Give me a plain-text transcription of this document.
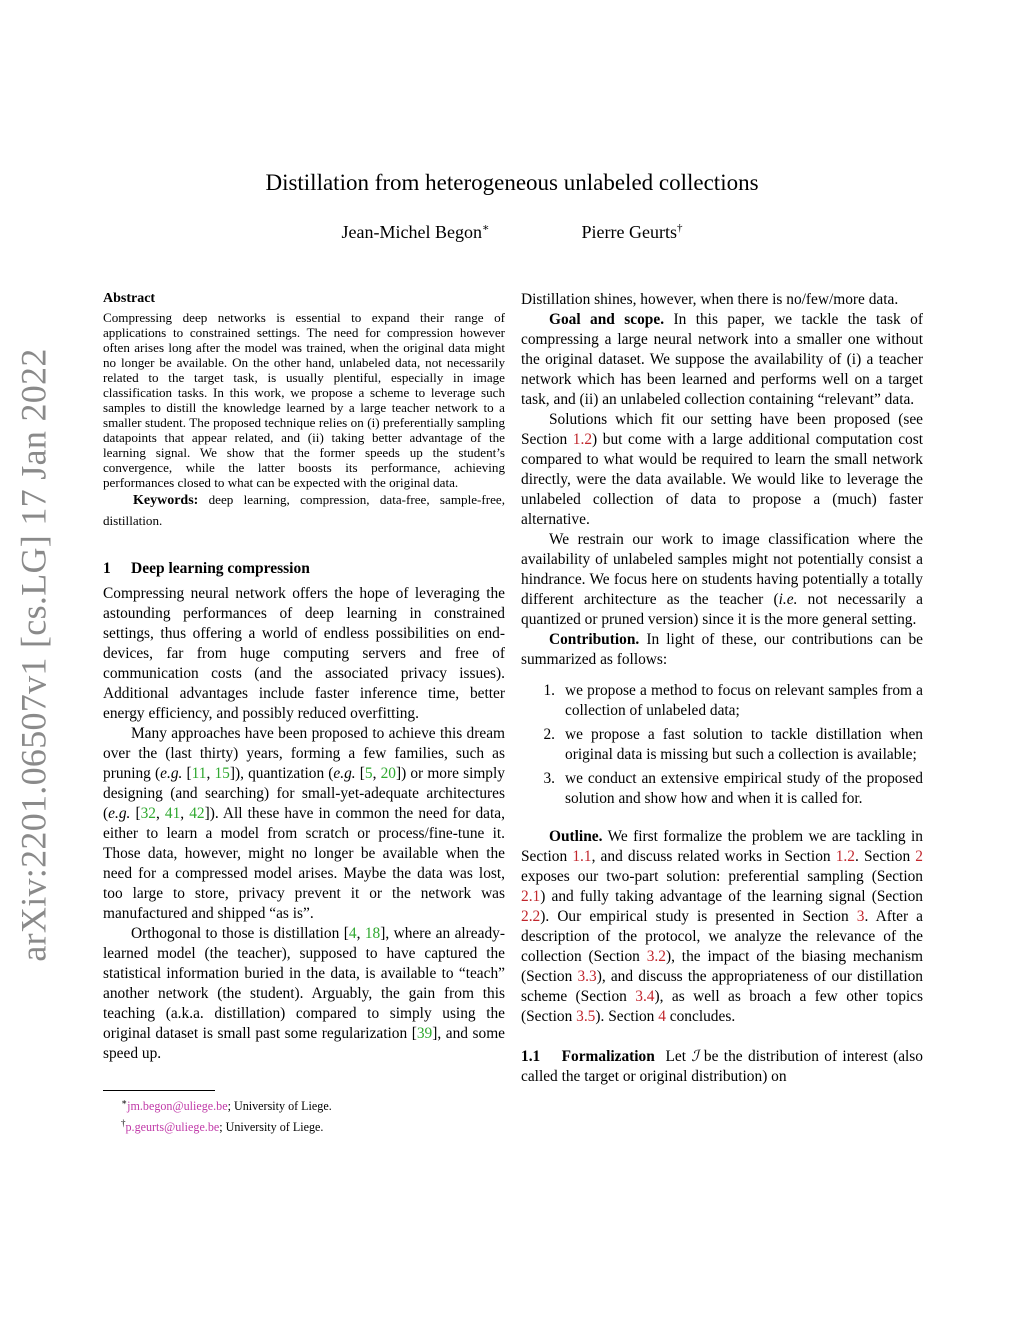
arXiv:2201.06507v1 [cs.LG] 17 Jan 2022
Distillation from heterogeneous unlabeled collections
Jean-Michel Begon∗	Pierre Geurts†

Abstract

Compressing deep networks is essential to expand their range of applications to constrained settings. The need for compression however often arises long after the model was trained, when the original data might no longer be available. On the other hand, unlabeled data, not necessarily related to the target task, is usually plentiful, especially in image classification tasks. In this work, we propose a scheme to leverage such samples to distill the knowledge learned by a large teacher network to a smaller student. The proposed technique relies on (i) preferentially sampling datapoints that appear related, and (ii) taking better advantage of the learning signal. We show that the former speeds up the student’s convergence, while the latter boosts its performance, achieving performances closed to what can be expected with the original data.

Keywords: deep learning, compression, data-free, sample-free, distillation.

1 Deep learning compression

Compressing neural network offers the hope of leveraging the astounding performances of deep learning in constrained settings, thus offering a world of endless possibilities on end-devices, far from huge computing servers and free of communication costs (and the associated privacy issues). Additional advantages include faster inference time, better energy efficiency, and possibly reduced overfitting.

Many approaches have been proposed to achieve this dream over the (last thirty) years, forming a few families, such as pruning (e.g. [11, 15]), quantization (e.g. [5, 20]) or more simply designing (and searching) for small-yet-adequate architectures (e.g. [32, 41, 42]). All these have in common the need for data, either to learn a model from scratch or process/fine-tune it. Those data, however, might no longer be available when the need for a compressed model arises. Maybe the data was lost, too large to store, privacy prevent it or the network was manufactured and shipped “as is”.

Orthogonal to those is distillation [4, 18], where an already-learned model (the teacher), supposed to have captured the statistical information buried in the data, is available to “teach” another network (the student). Arguably, the gain from this teaching (a.k.a. distillation) compared to simply using the original dataset is small past some regularization [39], and some speed up.

∗jm.begon@uliege.be; University of Liege.

†p.geurts@uliege.be; University of Liege.

Distillation shines, however, when there is no/few/more data.

Goal and scope. In this paper, we tackle the task of compressing a large neural network into a smaller one without the original dataset. We suppose the availability of (i) a teacher network which has been learned and performs well on a target task, and (ii) an unlabeled collection containing “relevant” data.

Solutions which fit our setting have been proposed (see Section 1.2) but come with a large additional computation cost compared to what would be required to learn the small network directly, were the data available. We would like to leverage the unlabeled collection of data to propose a (much) faster alternative.

We restrain our work to image classification where the availability of unlabeled samples might not potentially consist a hindrance. We focus here on students having potentially a totally different architecture as the teacher (i.e. not necessarily a quantized or pruned version) since it is the more general setting.

Contribution. In light of these, our contributions can be summarized as follows:

1. we propose a method to focus on relevant samples from a collection of unlabeled data;
2. we propose a fast solution to tackle distillation when original data is missing but such a collection is available;
3. we conduct an extensive empirical study of the proposed solution and show how and when it is called for.

Outline. We first formalize the problem we are tackling in Section 1.1, and discuss related works in Section 1.2. Section 2 exposes our two-part solution: preferential sampling (Section 2.1) and fully taking advantage of the learning signal (Section 2.2). Our empirical study is presented in Section 3. After a description of the protocol, we analyze the relevance of the collection (Section 3.2), the impact of the biasing mechanism (Section 3.3), and discuss the appropriateness of our distillation scheme (Section 3.4), as well as broach a few other topics (Section 3.5). Section 4 concludes.

1.1 Formalization Let ℐ be the distribution of interest (also called the target or original distribution) on
